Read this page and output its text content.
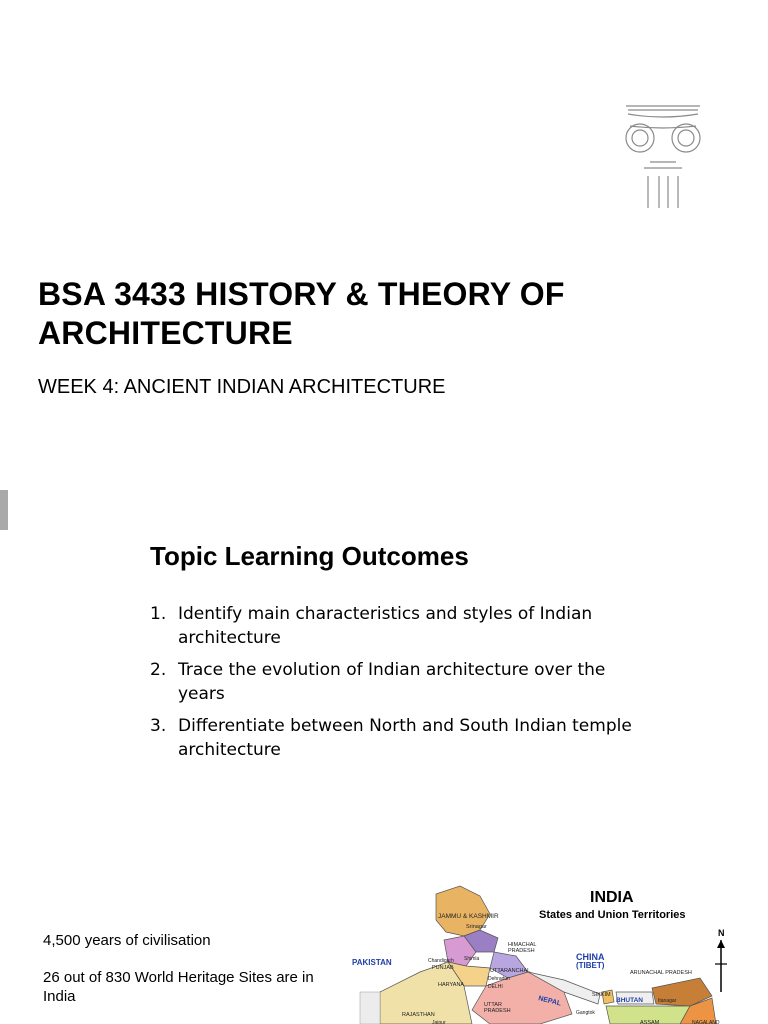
BSA 3433 HISTORY & THEORY OF ARCHITECTURE
WEEK 4: ANCIENT INDIAN ARCHITECTURE
Topic Learning Outcomes
1. Identify main characteristics and styles of Indian architecture
2. Trace the evolution of Indian architecture over the years
3. Differentiate between North and South Indian temple architecture
4,500 years of civilisation
26 out of 830 World Heritage Sites are in India
INDIA
States and Union Territories
N
JAMMU & KASHMIR
Srinagar
HIMACHAL
PRADESH
CHINA
(TIBET)
PAKISTAN	Chandigarh Shimla
PUNJAB	UTTARANCHAL
Dehradun
DELHI
HARYANA
ARUNACHAL PRADESH
NEPAL
SIKKIM
BHUTAN	Itanagar
Gangtok
UTTAR
PRADESH
RAJASTHAN
Jaipur	ASSAM	NAGALAND
